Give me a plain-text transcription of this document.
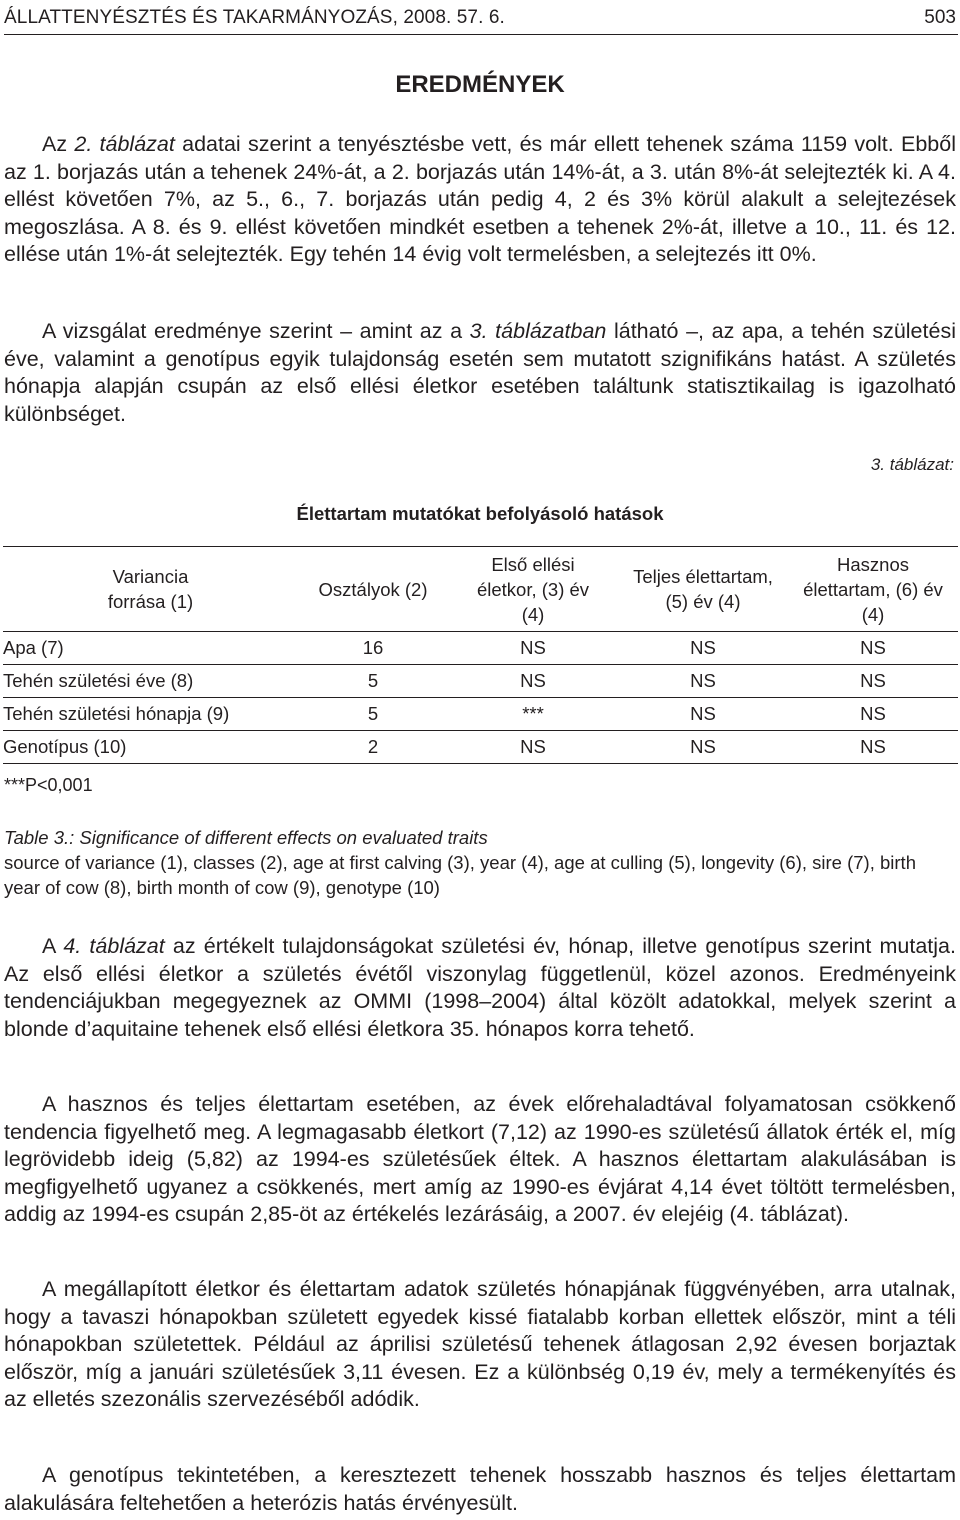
ÁLLATTENYÉSZTÉS ÉS TAKARMÁNYOZÁS, 2008. 57. 6.	503
EREDMÉNYEK

Az 2. táblázat adatai szerint a tenyésztésbe vett, és már ellett tehenek száma 1159 volt. Ebből az 1. borjazás után a tehenek 24%-át, a 2. borjazás után 14%-át, a 3. után 8%-át selejtezték ki. A 4. ellést követően 7%, az 5., 6., 7. borjazás után pedig 4, 2 és 3% körül alakult a selejtezések megoszlása. A 8. és 9. ellést követően mindkét esetben a tehenek 2%-át, illetve a 10., 11. és 12. ellése után 1%-át selejtezték. Egy tehén 14 évig volt termelésben, a selejtezés itt 0%.

A vizsgálat eredménye szerint – amint az a 3. táblázatban látható –, az apa, a tehén születési éve, valamint a genotípus egyik tulajdonság esetén sem mutatott szignifikáns hatást. A születés hónapja alapján csupán az első ellési életkor esetében találtunk statisztikailag is igazolható különbséget.

3. táblázat:
Élettartam mutatókat befolyásoló hatások
Variancia forrása (1)	Osztályok (2)	Első ellési életkor, (3) év (4)	Teljes élettartam, (5) év (4)	Hasznos élettartam, (6) év (4)
Apa (7)	16	NS	NS	NS
Tehén születési éve (8)	5	NS	NS	NS
Tehén születési hónapja (9)	5	***	NS	NS
Genotípus (10)	2	NS	NS	NS
***P<0,001
Table 3.: Significance of different effects on evaluated traits
source of variance (1), classes (2), age at first calving (3), year (4), age at culling (5), longevity (6), sire (7), birth year of cow (8), birth month of cow (9), genotype (10)

A 4. táblázat az értékelt tulajdonságokat születési év, hónap, illetve genotípus szerint mutatja. Az első ellési életkor a születés évétől viszonylag függetlenül, közel azonos. Eredményeink tendenciájukban megegyeznek az OMMI (1998–2004) által közölt adatokkal, melyek szerint a blonde d’aquitaine tehenek első ellési életkora 35. hónapos korra tehető.

A hasznos és teljes élettartam esetében, az évek előrehaladtával folyamatosan csökkenő tendencia figyelhető meg. A legmagasabb életkort (7,12) az 1990-es születésű állatok érték el, míg legrövidebb ideig (5,82) az 1994-es születésűek éltek. A hasznos élettartam alakulásában is megfigyelhető ugyanez a csökkenés, mert amíg az 1990-es évjárat 4,14 évet töltött termelésben, addig az 1994-es csupán 2,85-öt az értékelés lezárásáig, a 2007. év elejéig (4. táblázat).

A megállapított életkor és élettartam adatok születés hónapjának függvényében, arra utalnak, hogy a tavaszi hónapokban született egyedek kissé fiatalabb korban ellettek először, mint a téli hónapokban születettek. Például az áprilisi születésű tehenek átlagosan 2,92 évesen borjaztak először, míg a januári születésűek 3,11 évesen. Ez a különbség 0,19 év, mely a termékenyítés és az elletés szezonális szervezéséből adódik.

A genotípus tekintetében, a keresztezett tehenek hosszabb hasznos és teljes élettartam alakulására feltehetően a heterózis hatás érvényesült.
